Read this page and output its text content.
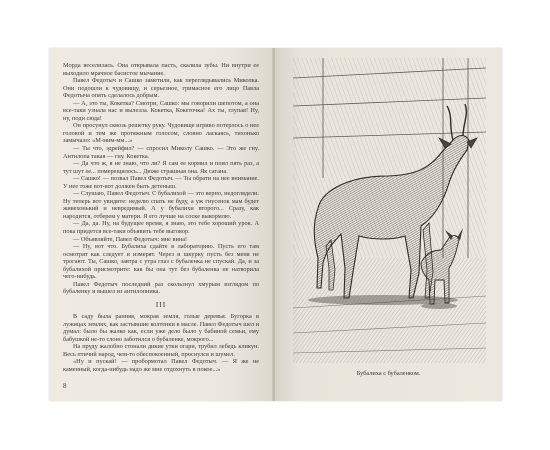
Морда веселилась. Она открывала пасть, скалила зубы. Ни внутри ее выходило мрачное басистое мычание.

Павел Федотыч и Сашко заметили, как переглядывались Миколка. Они подошли к чудовищу, и серьезное, гримасное его лицо Павла Федотыча опять сделалось добрым.

— А, это ты, Кокетка? Смотри, Сашко: мы говорили шепотом, а она все-таки узнала нас и вылезла. Кокетка, Кокеточка! Ах ты, глупая! Ну, ну, поди сюда!

Он просунул сквозь решетку руку. Чудовище игриво потерлось о нее головой и тем же протяжным голосом, словно ласкаясь, тихонько замычало: «М-мим-мм...»

— Ты что, эдрейфил? — спросил Миколу Сашко. — Это же гну. Антилопа такая — гну. Кокетка.

— Да что ж, я не знаю, что ли? Я сам ее кормил и поил пять раз, а тут шут ее... померещилось... Дюже страшная она. Як сатана.

— Сашко! — позвал Павел Федотыч. — Ты обрати на нее внимание. У нее тоже вот-вот должен быть детеныш.

— Слушаю, Павел Федотыч. С бубалихой — это верно, недоглядели. Ну теперь вот увидите: неделю спать не буду, а уж гнусенок мам будет живехонький и невредимый. А у бубалихи второго... Сразу, как народится, отберем у матери. Я его лучше на соске выкормлю.

— Да, да. Ну, на будущее время, я знаю, это тебе хороший урок. А пока придется все-таки объявить тебе выговор.

— Объявляйте, Павел Федотыч: мне вина!

— Ну, вот что. Бубалиха сдайте в лабораторию. Пусть его там осмотрят как следует и измерят. Через и шкурку пусть без меня не трогают. Ты, Сашко, завтра с утра глаз с бубаленка не спускай. Да, и за бубалихой присмотрите: как бы она тут без бубаленка не натворила чего-нибудь.

Павел Федотыч последний раз скользнул хмурым взглядом по бубаленку и вышел из антилопника.

III

В саду была ранняя, мокрая земля, голые деревья. Бугорка в лужицах землях, как застывшие колтенки в масле. Павел Федотыч шел и думал: было бы жалко как, если уже дело было у бабиной семьи, ему бабушкой не-то слоно заботился о бубаленке, мокрого...

На пруду жалобно стонали дикие утки огари, трубил лебедь кликун. Весь птичий народ, чем-то обеспокоенный, проснулся и шумел.

«Ну и пускай! — пробормотал Павел Федотыч. — Я же не каменный, когда-нибудь надо же мне отдохнуть в покое...»

8
Бубалиха с бубаленком.
